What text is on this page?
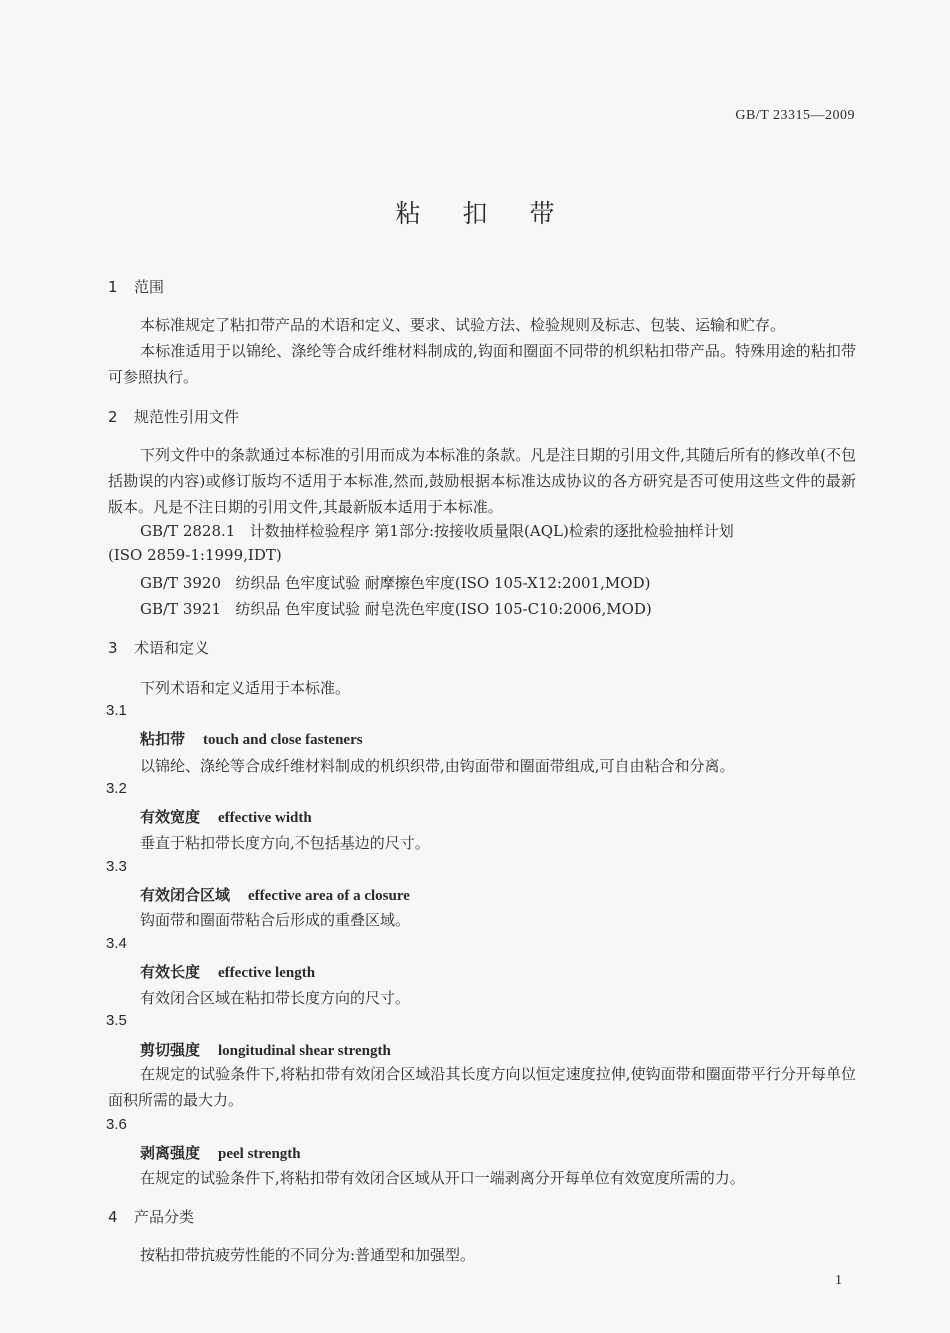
GB/T 23315—2009
粘扣带
1 范围
本标准规定了粘扣带产品的术语和定义、要求、试验方法、检验规则及标志、包装、运输和贮存。
本标准适用于以锦纶、涤纶等合成纤维材料制成的,钩面和圈面不同带的机织粘扣带产品。特殊用途的粘扣带可参照执行。
2 规范性引用文件
下列文件中的条款通过本标准的引用而成为本标准的条款。凡是注日期的引用文件,其随后所有的修改单(不包括勘误的内容)或修订版均不适用于本标准,然而,鼓励根据本标准达成协议的各方研究是否可使用这些文件的最新版本。凡是不注日期的引用文件,其最新版本适用于本标准。
GB/T 2828.1 计数抽样检验程序 第1部分:按接收质量限(AQL)检索的逐批检验抽样计划
(ISO 2859-1:1999,IDT)
GB/T 3920 纺织品 色牢度试验 耐摩擦色牢度(ISO 105-X12:2001,MOD)
GB/T 3921 纺织品 色牢度试验 耐皂洗色牢度(ISO 105-C10:2006,MOD)
3 术语和定义
下列术语和定义适用于本标准。
3.1
粘扣带 touch and close fasteners
以锦纶、涤纶等合成纤维材料制成的机织织带,由钩面带和圈面带组成,可自由粘合和分离。
3.2
有效宽度 effective width
垂直于粘扣带长度方向,不包括基边的尺寸。
3.3
有效闭合区域 effective area of a closure
钩面带和圈面带粘合后形成的重叠区域。
3.4
有效长度 effective length
有效闭合区域在粘扣带长度方向的尺寸。
3.5
剪切强度 longitudinal shear strength
在规定的试验条件下,将粘扣带有效闭合区域沿其长度方向以恒定速度拉伸,使钩面带和圈面带平行分开每单位面积所需的最大力。
3.6
剥离强度 peel strength
在规定的试验条件下,将粘扣带有效闭合区域从开口一端剥离分开每单位有效宽度所需的力。
4 产品分类
按粘扣带抗疲劳性能的不同分为:普通型和加强型。
1
